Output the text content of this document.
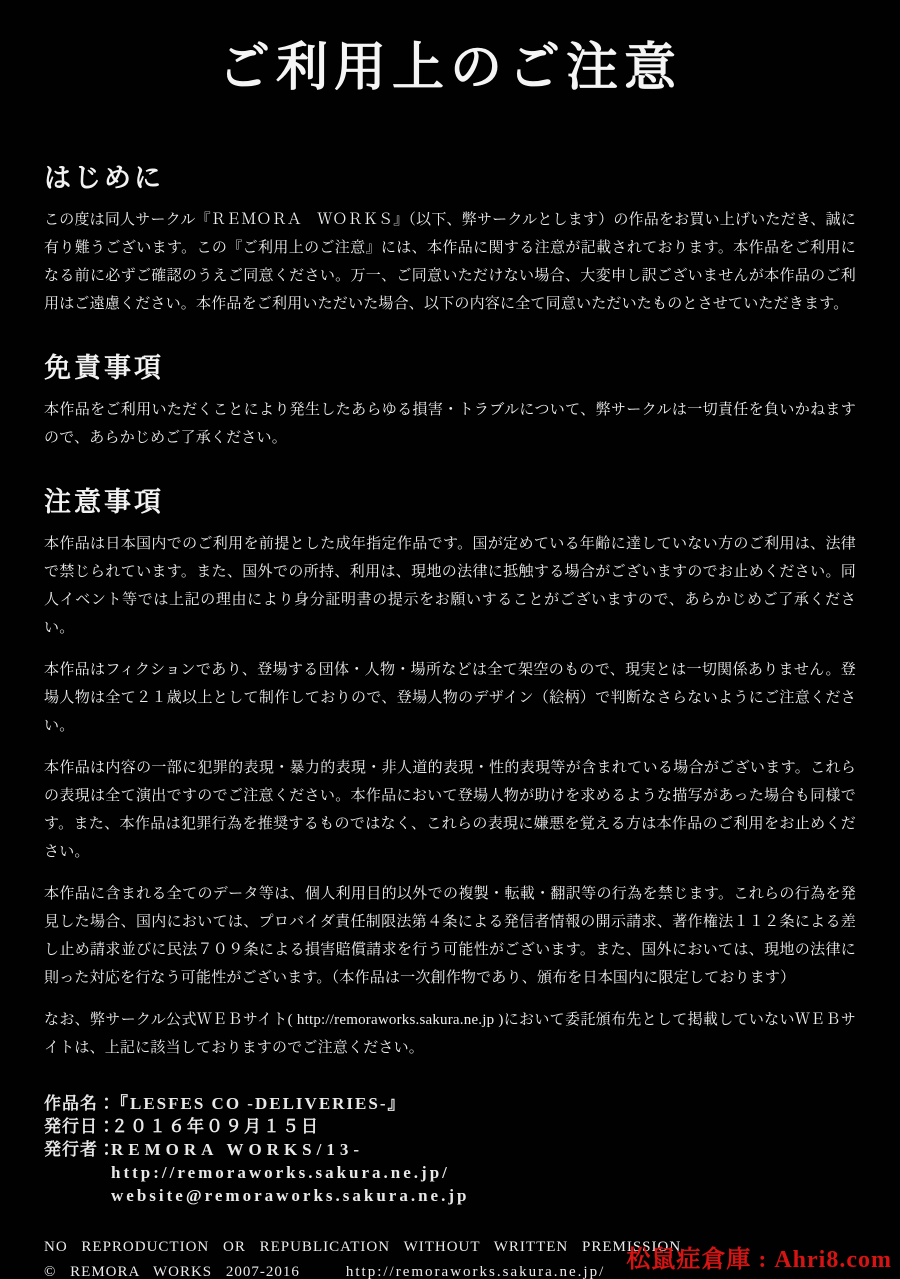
ご利用上のご注意
はじめに

この度は同人サークル『ＲＥＭＯＲＡ　ＷＯＲＫＳ』（以下、弊サークルとします）の作品をお買い上げいただき、誠に有り難うございます。この『ご利用上のご注意』には、本作品に関する注意が記載されております。本作品をご利用になる前に必ずご確認のうえご同意ください。万一、ご同意いただけない場合、大変申し訳ございませんが本作品のご利用はご遠慮ください。本作品をご利用いただいた場合、以下の内容に全て同意いただいたものとさせていただきます。

免責事項

本作品をご利用いただくことにより発生したあらゆる損害・トラブルについて、弊サークルは一切責任を負いかねますので、あらかじめご了承ください。

注意事項

本作品は日本国内でのご利用を前提とした成年指定作品です。国が定めている年齢に達していない方のご利用は、法律で禁じられています。また、国外での所持、利用は、現地の法律に抵触する場合がございますのでお止めください。同人イベント等では上記の理由により身分証明書の提示をお願いすることがございますので、あらかじめご了承ください。

本作品はフィクションであり、登場する団体・人物・場所などは全て架空のもので、現実とは一切関係ありません。登場人物は全て２１歳以上として制作しておりので、登場人物のデザイン（絵柄）で判断なさらないようにご注意ください。

本作品は内容の一部に犯罪的表現・暴力的表現・非人道的表現・性的表現等が含まれている場合がございます。これらの表現は全て演出ですのでご注意ください。本作品において登場人物が助けを求めるような描写があった場合も同様です。また、本作品は犯罪行為を推奨するものではなく、これらの表現に嫌悪を覚える方は本作品のご利用をお止めください。

本作品に含まれる全てのデータ等は、個人利用目的以外での複製・転載・翻訳等の行為を禁じます。これらの行為を発見した場合、国内においては、プロバイダ責任制限法第４条による発信者情報の開示請求、著作権法１１２条による差し止め請求並びに民法７０９条による損害賠償請求を行う可能性がございます。また、国外においては、現地の法律に則った対応を行なう可能性がございます。（本作品は一次創作物であり、頒布を日本国内に限定しております）

なお、弊サークル公式ＷＥＢサイト( http://remoraworks.sakura.ne.jp )において委託頒布先として掲載していないＷＥＢサイトは、上記に該当しておりますのでご注意ください。

作品名：『LESFES CO -DELIVERIES-』
発行日：２０１６年０９月１５日
発行者：REMORA WORKS/13-
http://remoraworks.sakura.ne.jp/
website@remoraworks.sakura.ne.jp
NO REPRODUCTION OR REPUBLICATION WITHOUT WRITTEN PREMISSION.
© REMORA WORKS 2007-2016	http://remoraworks.sakura.ne.jp/ 松鼠症倉庫 : Ahri8.com
